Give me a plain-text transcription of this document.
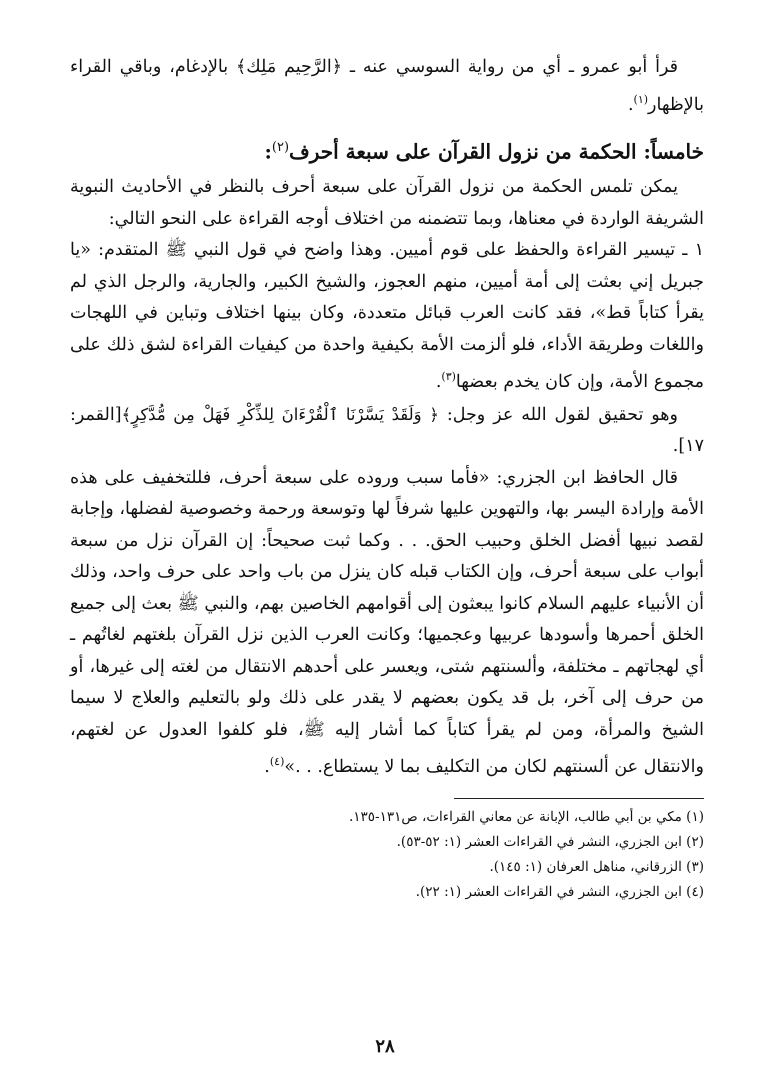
قرأ أبو عمرو ـ أي من رواية السوسي عنه ـ ﴿الرَّحِيم مَلِك﴾ بالإدغام، وباقي القراء بالإظهار$^{(١)}$.

خامساً: الحكمة من نزول القرآن على سبعة أحرف$^{(٢)}$:

يمكن تلمس الحكمة من نزول القرآن على سبعة أحرف بالنظر في الأحاديث النبوية الشريفة الواردة في معناها، وبما تتضمنه من اختلاف أوجه القراءة على النحو التالي:

١ ـ تيسير القراءة والحفظ على قوم أميين. وهذا واضح في قول النبي ﷺ المتقدم: «يا جبريل إني بعثت إلى أمة أميين، منهم العجوز، والشيخ الكبير، والجارية، والرجل الذي لم يقرأ كتاباً قط»، فقد كانت العرب قبائل متعددة، وكان بينها اختلاف وتباين في اللهجات واللغات وطريقة الأداء، فلو ألزمت الأمة بكيفية واحدة من كيفيات القراءة لشق ذلك على مجموع الأمة، وإن كان يخدم بعضها$^{(٣)}$.

وهو تحقيق لقول الله عز وجل: ﴿ وَلَقَدْ يَسَّرْنَا ٱلْقُرْءَانَ لِلذِّكْرِ فَهَلْ مِن مُّدَّكِرٍ﴾[القمر: ١٧].

قال الحافظ ابن الجزري: «فأما سبب وروده على سبعة أحرف، فللتخفيف على هذه الأمة وإرادة اليسر بها، والتهوين عليها شرفاً لها وتوسعة ورحمة وخصوصية لفضلها، وإجابة لقصد نبيها أفضل الخلق وحبيب الحق. . . وكما ثبت صحيحاً: إن القرآن نزل من سبعة أبواب على سبعة أحرف، وإن الكتاب قبله كان ينزل من باب واحد على حرف واحد، وذلك أن الأنبياء عليهم السلام كانوا يبعثون إلى أقوامهم الخاصين بهم، والنبي ﷺ بعث إلى جميع الخلق أحمرها وأسودها عربيها وعجميها؛ وكانت العرب الذين نزل القرآن بلغتهم لغاتُهم ـ أي لهجاتهم ـ مختلفة، وألسنتهم شتى، ويعسر على أحدهم الانتقال من لغته إلى غيرها، أو من حرف إلى آخر، بل قد يكون بعضهم لا يقدر على ذلك ولو بالتعليم والعلاج لا سيما الشيخ والمرأة، ومن لم يقرأ كتاباً كما أشار إليه ﷺ، فلو كلفوا العدول عن لغتهم، والانتقال عن ألسنتهم لكان من التكليف بما لا يستطاع. . .»$^{(٤)}$.

(١) مكي بن أبي طالب، الإبانة عن معاني القراءات، ص١٣١-١٣٥.
(٢) ابن الجزري، النشر في القراءات العشر (١: ٥٢-٥٣).
(٣) الزرقاني، مناهل العرفان (١: ١٤٥).
(٤) ابن الجزري، النشر في القراءات العشر (١: ٢٢).
٢٨
